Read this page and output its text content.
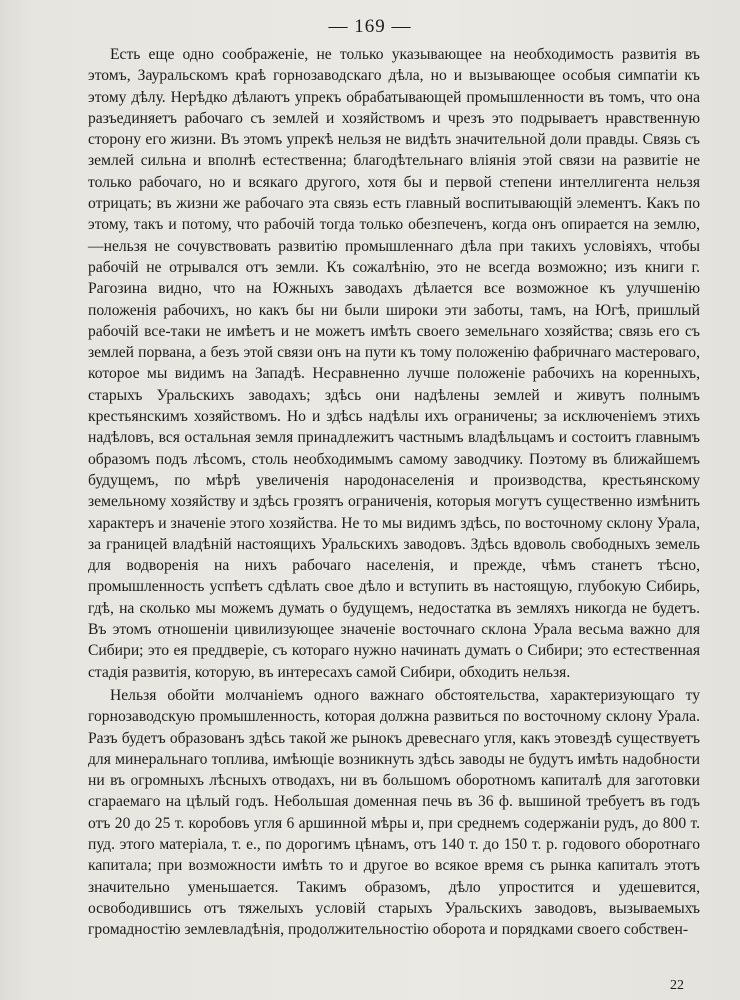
— 169 —

Есть еще одно соображенiе, не только указывающее на необходимость развитiя въ этомъ, Зауральскомъ краѣ горнозаводскаго дѣла, но и вызывающее особыя симпатiи къ этому дѣлу. Нерѣдко дѣлаютъ упрекъ обрабатывающей промышленности въ томъ, что она разъединяетъ рабочаго съ землей и хозяйствомъ и чрезъ это подрываетъ нравственную сторону его жизни. Въ этомъ упрекѣ нельзя не видѣть значительной доли правды. Связь съ землей сильна и вполнѣ естественна; благодѣтельнаго влiянiя этой связи на развитiе не только рабочаго, но и всякаго другого, хотя бы и первой степени интеллигента нельзя отрицать; въ жизни же рабочаго эта связь есть главный воспитывающiй элементъ. Какъ по этому, такъ и потому, что рабочiй тогда только обезпеченъ, когда онъ опирается на землю,—нельзя не сочувствовать развитiю промышленнаго дѣла при такихъ условiяхъ, чтобы рабочiй не отрывался отъ земли. Къ сожалѣнiю, это не всегда возможно; изъ книги г. Рагозина видно, что на Южныхъ заводахъ дѣлается все возможное къ улучшенiю положенiя рабочихъ, но какъ бы ни были широки эти заботы, тамъ, на Югѣ, пришлый рабочiй все-таки не имѣетъ и не можетъ имѣть своего земельнаго хозяйства; связь его съ землей порвана, а безъ этой связи онъ на пути къ тому положенiю фабричнаго мастероваго, которое мы видимъ на Западѣ. Несравненно лучше положенiе рабочихъ на коренныхъ, старыхъ Уральскихъ заводахъ; здѣсь они надѣлены землей и живутъ полнымъ крестьянскимъ хозяйствомъ. Но и здѣсь надѣлы ихъ ограничены; за исключенiемъ этихъ надѣловъ, вся остальная земля принадлежитъ частнымъ владѣльцамъ и состоитъ главнымъ образомъ подъ лѣсомъ, столь необходимымъ самому заводчику. Поэтому въ ближайшемъ будущемъ, по мѣрѣ увеличенiя народонаселенiя и производства, крестьянскому земельному хозяйству и здѣсь грозятъ ограниченiя, которыя могутъ существенно измѣнить характеръ и значенiе этого хозяйства. Не то мы видимъ здѣсь, по восточному склону Урала, за границей владѣнiй настоящихъ Уральскихъ заводовъ. Здѣсь вдоволь свободныхъ земель для водворенiя на нихъ рабочаго населенiя, и прежде, чѣмъ станетъ тѣсно, промышленность успѣетъ сдѣлать свое дѣло и вступить въ настоящую, глубокую Сибирь, гдѣ, на сколько мы можемъ думать о будущемъ, недостатка въ земляхъ никогда не будетъ. Въ этомъ отношенiи цивилизующее значенiе восточнаго склона Урала весьма важно для Сибири; это ея преддверiе, съ котораго нужно начинать думать о Сибири; это естественная стадiя развитiя, которую, въ интересахъ самой Сибири, обходить нельзя.

Нельзя обойти молчанiемъ одного важнаго обстоятельства, характеризующаго ту горнозаводскую промышленность, которая должна развиться по восточному склону Урала. Разъ будетъ образованъ здѣсь такой же рынокъ древеснаго угля, какъ этовездѣ существуетъ для минеральнаго топлива, имѣющiе возникнуть здѣсь заводы не будутъ имѣть надобности ни въ огромныхъ лѣсныхъ отводахъ, ни въ большомъ оборотномъ капиталѣ для заготовки сгараемаго на цѣлый годъ. Небольшая доменная печь въ 36 ф. вышиной требуетъ въ годъ отъ 20 до 25 т. коробовъ угля 6 аршинной мѣры и, при среднемъ содержанiи рудъ, до 800 т. пуд. этого матерiала, т. е., по дорогимъ цѣнамъ, отъ 140 т. до 150 т. р. годового оборотнаго капитала; при возможности имѣть то и другое во всякое время съ рынка капиталъ этотъ значительно уменьшается. Такимъ образомъ, дѣло упростится и удешевится, освободившись отъ тяжелыхъ условiй старыхъ Уральскихъ заводовъ, вызываемыхъ громадностiю землевладѣнiя, продолжительностiю оборота и порядками своего собствен-

22
